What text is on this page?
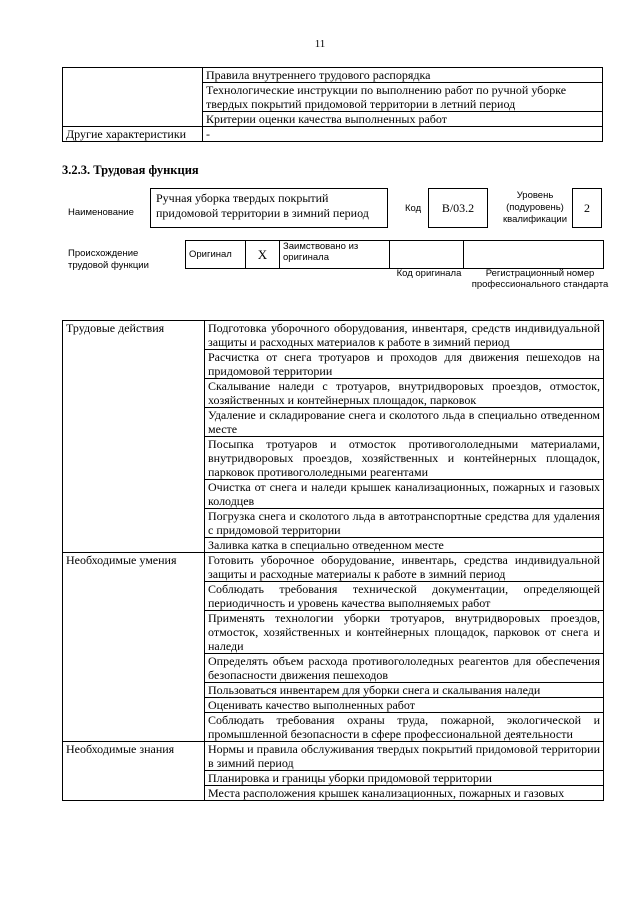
11
	Правила внутреннего трудового распорядка
	Технологические инструкции по выполнению работ по ручной уборке твердых покрытий придомовой территории в летний период
	Критерии оценки качества выполненных работ
Другие характеристики	-
3.2.3. Трудовая функция
Наименование
Ручная уборка твердых покрытий придомовой территории в зимний период	Код	B/03.2
Уровень (подуровень) квалификации
2
Происхождение трудовой функции
Оригинал	X	Заимствовано из оригинала		
Код оригинала	Регистрационный номер профессионального стандарта
Трудовые действия	Подготовка уборочного оборудования, инвентаря, средств индивидуальной защиты и расходных материалов к работе в зимний период
	Расчистка от снега тротуаров и проходов для движения пешеходов на придомовой территории
	Скалывание наледи с тротуаров, внутридворовых проездов, отмосток, хозяйственных и контейнерных площадок, парковок
	Удаление и складирование снега и сколотого льда в специально отведенном месте
	Посыпка тротуаров и отмосток противогололедными материалами, внутридворовых проездов, хозяйственных и контейнерных площадок, парковок противогололедными реагентами
	Очистка от снега и наледи крышек канализационных, пожарных и газовых колодцев
	Погрузка снега и сколотого льда в автотранспортные средства для удаления с придомовой территории
	Заливка катка в специально отведенном месте
Необходимые умения	Готовить уборочное оборудование, инвентарь, средства индивидуальной защиты и расходные материалы к работе в зимний период
	Соблюдать требования технической документации, определяющей периодичность и уровень качества выполняемых работ
	Применять технологии уборки тротуаров, внутридворовых проездов, отмосток, хозяйственных и контейнерных площадок, парковок от снега и наледи
	Определять объем расхода противогололедных реагентов для обеспечения безопасности движения пешеходов
	Пользоваться инвентарем для уборки снега и скалывания наледи
	Оценивать качество выполненных работ
	Соблюдать требования охраны труда, пожарной, экологической и промышленной безопасности в сфере профессиональной деятельности
Необходимые знания	Нормы и правила обслуживания твердых покрытий придомовой территории в зимний период
	Планировка и границы уборки придомовой территории
	Места расположения крышек канализационных, пожарных и газовых
